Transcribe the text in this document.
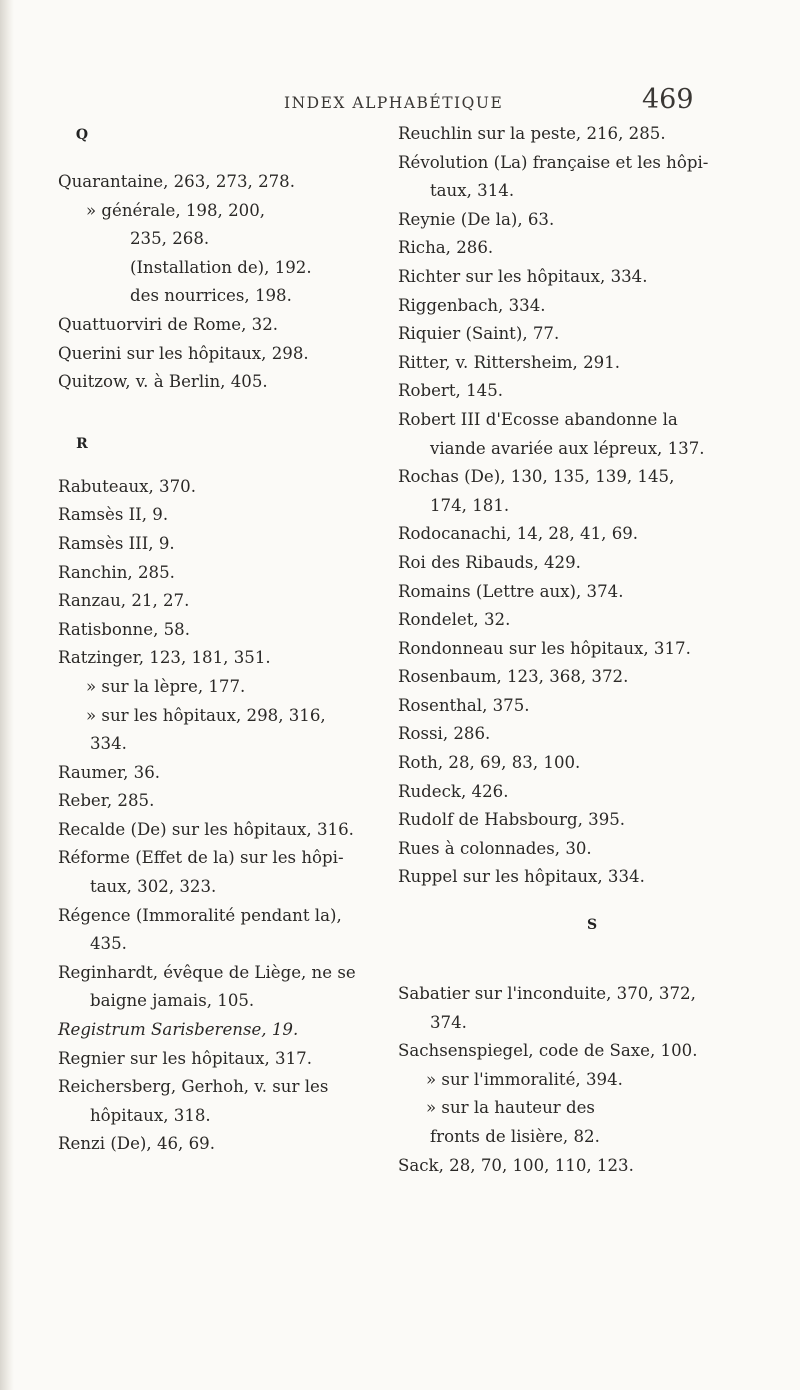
INDEX ALPHABÉTIQUE	469
Q
Quarantaine, 263, 273, 278.
» générale, 198, 200,
235, 268.
(Installation de), 192.
des nourrices, 198.
Quattuorviri de Rome, 32.
Querini sur les hôpitaux, 298.
Quitzow, v. à Berlin, 405.
R
Rabuteaux, 370.
Ramsès II, 9.
Ramsès III, 9.
Ranchin, 285.
Ranzau, 21, 27.
Ratisbonne, 58.
Ratzinger, 123, 181, 351.
» sur la lèpre, 177.
» sur les hôpitaux, 298, 316,
334.
Raumer, 36.
Reber, 285.
Recalde (De) sur les hôpitaux, 316.
Réforme (Effet de la) sur les hôpi-
taux, 302, 323.
Régence (Immoralité pendant la),
435.
Reginhardt, évêque de Liège, ne se
baigne jamais, 105.
Registrum Sarisberense, 19.
Regnier sur les hôpitaux, 317.
Reichersberg, Gerhoh, v. sur les
hôpitaux, 318.
Renzi (De), 46, 69.
Reuchlin sur la peste, 216, 285.
Révolution (La) française et les hôpi-
taux, 314.
Reynie (De la), 63.
Richa, 286.
Richter sur les hôpitaux, 334.
Riggenbach, 334.
Riquier (Saint), 77.
Ritter, v. Rittersheim, 291.
Robert, 145.
Robert III d'Ecosse abandonne la
viande avariée aux lépreux, 137.
Rochas (De), 130, 135, 139, 145,
174, 181.
Rodocanachi, 14, 28, 41, 69.
Roi des Ribauds, 429.
Romains (Lettre aux), 374.
Rondelet, 32.
Rondonneau sur les hôpitaux, 317.
Rosenbaum, 123, 368, 372.
Rosenthal, 375.
Rossi, 286.
Roth, 28, 69, 83, 100.
Rudeck, 426.
Rudolf de Habsbourg, 395.
Rues à colonnades, 30.
Ruppel sur les hôpitaux, 334.
S
Sabatier sur l'inconduite, 370, 372,
374.
Sachsenspiegel, code de Saxe, 100.
» sur l'immoralité, 394.
» sur la hauteur des
fronts de lisière, 82.
Sack, 28, 70, 100, 110, 123.
